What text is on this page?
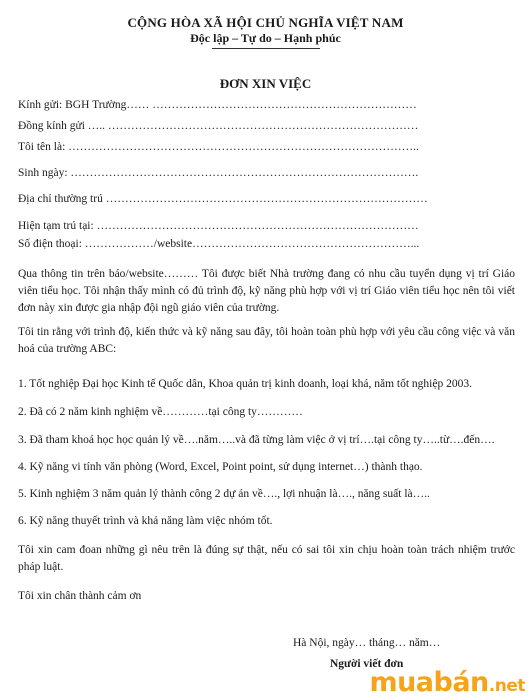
CỘNG HÒA XÃ HỘI CHỦ NGHĨA VIỆT NAM
Độc lập – Tự do – Hạnh phúc
ĐƠN XIN VIỆC
Kính gửi: BGH Trường…… ……………………………………………………………
Đồng kính gửi ….. ………………………………………………………………………
Tôi tên là: ………………………………………………………………………………..
Sinh ngày: ……………………………………………………………………………….
Địa chỉ thường trú …………………………………………………………………………
Hiện tạm trú tại: …………………………………………………………………………
Số điện thoại: ………………/website…………………………………………………...
Qua thông tin trên báo/website……… Tôi được biết Nhà trường đang có nhu cầu tuyển dụng vị trí Giáo viên tiểu học. Tôi nhận thấy mình có đủ trình độ, kỹ năng phù hợp với vị trí Giáo viên tiểu học nên tôi viết đơn này xin được gia nhập đội ngũ giáo viên của trường.
Tôi tin rằng với trình độ, kiến thức và kỹ năng sau đây, tôi hoàn toàn phù hợp với yêu cầu công việc và văn hoá của trường ABC:
1. Tốt nghiệp Đại học Kinh tế Quốc dân, Khoa quản trị kinh doanh, loại khá, năm tốt nghiệp 2003.
2. Đã có 2 năm kinh nghiệm về…………tại công ty…………
3. Đã tham khoá học học quản lý về….năm…..và đã từng làm việc ở vị trí….tại công ty…..từ….đến….
4. Kỹ năng vi tính văn phòng (Word, Excel, Point point, sử dụng internet…) thành thạo.
5. Kinh nghiệm 3 năm quản lý thành công 2 dự án về…., lợi nhuận là…., năng suất là…..
6. Kỹ năng thuyết trình và khả năng làm việc nhóm tốt.
Tôi xin cam đoan những gì nêu trên là đúng sự thật, nếu có sai tôi xin chịu hoàn toàn trách nhiệm trước pháp luật.
Tôi xin chân thành cảm ơn
Hà Nội, ngày… tháng… năm…
Người viết đơn
muabán.net
